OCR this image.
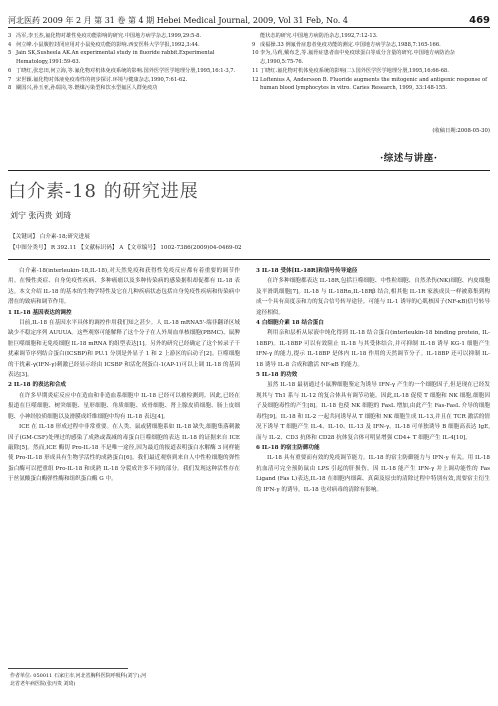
河北医药 2009 年 2 月 第 31 卷 第 4 期 Hebei Medical Journal, 2009, Vol 31 Feb, No. 4	469
3 冯军,李玉杰,氟化物对雄性免疫功能影响的研究.中国地方病学杂志,1999,29:5-8.
4 何立峰.小鼠腹腔封闭应用对小鼠免疫功能的影响.西安医科大学学报,1992,3:44.
5 Jain SK,Susheela AK.An experimental study in fluoride rabbit.Experimental Hematology,1991:59-63.
6 丁晓红,张忠田,何立海,等.氟化物对机体免疫系统的影响.国外医学医学地理分册,1995,16:1-3,7.
7 宋世颖.氟化物对体液免疫毒性的初步探讨.环境与健康杂志,1990,7:61-62.
8 關国兴,孙玉亚,孙瑞岗,等.燃煤污染型和饮水型氟区人群免疫功
能状态的研究.中国地方病防治杂志,1992,7:12-13.
9 成福操.33 例氟骨症患者免疫功能的测定.中国地方病学杂志,1988,7:165-166.
10 李为,马莉,戴布芝,等.氟骨症患者血中免疫球蛋白等成分含量的研究.中国地方病防治杂志,1990,5:75-76.
11 丁晓红.氟化物对机体免疫系统的影响(二).国外医学医学地理分册,1995,16:66-68.
12 Loftenius A, Andersson B. Fluoride augments the mitogenic and antigenic response of human blood lymphocytes in vitro. Caries Research, 1999, 33:148-155.
(收稿日期:2008-05-30)
·综述与讲座·
白介素-18 的研究进展
刘宁 张丙贵 刘琦
【关键词】 白介素-18;研究进展
【中图分类号】 R 392.11 【文献标识码】 A 【文章编号】 1002-7386(2009)04-0469-02

白介素-18(interleukin-18,IL-18),对天然免疫和获得性免疫反应都有着重要的调节作用。在慢性炎症、自身免疫性疾病、多种癌瘤以及多种传染病的感染据积却促都有 IL-18 表达。本文介绍 IL-18 的基本的生物学特性及它在几种疾病状态包括自身免疫性疾病和传染病中潜在的致病和调节作用。

1 IL-18 基因表达的调控

目前,IL-18 在基因水平具体的调控作用我们知之甚少。人 IL-18 mRNA5'-端非翻译区域缺少不稳定序列 AUUUA。这些观察可能解释了这个分子在人外周血单核细胞(PBMC)、鼠脾脏巨噬细胞和无免疫细胞 IL-18 mRNA 的组型表达[1]。另外的研究已经确定了这个转录子干扰素调节序列结合蛋白(ICSBP)和 PU.1 分别是外显子 1 和 2 上游区的启动子[2]。巨噬细胞的干扰素-γ(IFN-γ)刺激已经显示经由 ICSBP 和活化剂蛋白-1(AP-1)可以上调 IL-18 的基因表达[3]。

2 IL-18 的表达和合成

在许多早期炎症反应中在造血和非造血系细胞中 IL-18 已经可以被检测到。因此,已经在报道在巨噬细胞、树突细胞、星形细胞、角质细胞、成骨细胞、肾上腺皮质细胞、肠上皮细胞、小神经胶质细胞以及滑膜成纤维细胞中均有 IL-18 表达[4]。

ICE 在 IL-18 形成过程中非常重要。在人类、鼠或猪细胞系如 IL-18 缺失,细胞集落刺激因子(GM-CSF)处理过的感染了成熟或裁减的毒蛋白巨噬细胞的表达 IL-18 的证据来自 ICE 敲除[5]。然而,ICE 酶切 Pro-IL-18 不是唯一途径,因为最近的报道表明蛋白水解酶 3 同样能使 Pro-IL-18 形成具有生物学活性的成熟蛋白[6]。我们最近观察到来自人中性粒细胞的弹性蛋白酶可以把重组 Pro-IL-18 和成熟 IL-18 分裂成许多不同的部分。我们发现这种活性存在于丝氨酸蛋白酶弹性酶和组织蛋白酶 G 中。

3 IL-18 受体[IL-18R]和信号传导途径

在许多种细胞都表达 IL-18R,包括巨噬细胞、中性粒细胞、自然杀伤(NK)细胞、内皮细胞及平滑肌细胞[7]。IL-18 与 IL-18Rα,IL-18Rβ 结合,相其他 IL-1R 家族成员一样被募集到构成一个具有高度亲和力的复合信号转导途径。可能与 IL-1 诱导的心肌核因子(NF-κB)信号转导途径相似。

4 白细胞介素 18 结合蛋白

利用亲和层析从尿液中纯化得到 IL-18 结合蛋白(interleukin-18 binding protein, IL-18BP)。IL-18BP 可以有效阻止 IL-18 与其受体结合,并可抑制 IL-18 诱导 KG-1 细胞产生 IFN-γ 的能力,提示 IL-18BP 是体内 IL-18 作用的天然调节分子。IL-18BP 还可以抑制 IL-18 诱导 IL-8 合成和激活 NF-κB 的能力。

5 IL-18 的功效

虽然 IL-18 最初通过小鼠脾细胞鉴定为诱导 IFN-γ 产生的一个细胞因子,但是现在已经发现其与 Th1 系与 IL-12 的复合体具有调节功能。因此,IL-18 促使 T 细胞和 NK 细胞,细胞因子及细胞毒性的产生[8]。IL-18 也使 NK 细胞的 FasL 增加,由此产生 Fas-FasL 介导的细胞毒性[9]。IL-18 和 IL-2 一起共同诱导从 T 细胞和 NK 细胞生成 IL-13,并且在 TCR 激活的情况下诱导 T 细胞产生 IL-4、IL-10、IL-13 及 IFN-γ。IL-18 可单独诱导 B 细胞高表达 IgE,而与 IL-2、CD3 抗体和 CD28 抗体复合体可明显增强 CD4+ T 细胞产生 IL-4[10]。

6 IL-18 的宿主防御功能

IL-18 具有重要而有效的免疫调节能力。IL-18 的宿主防御能力与 IFN-γ 有关。用 IL-18 抗血清可完全预防鼠由 LPS 引起的肝损伤。因 IL-18 能产生 IFN-γ 并上调功能性的 Fas Ligand (Fas L)表达,IL-18 在细胞内细菌、真菌及原虫的清除过程中特别有效,需要宿主衍生的 IFN-γ 的诱导。IL-18 也对病毒的清除有影响。

作者单位: 050011 石家庄市,河北省胸科医院呼吸科(刘宁);河
北省老年病医院(张丙贵 刘琦)
